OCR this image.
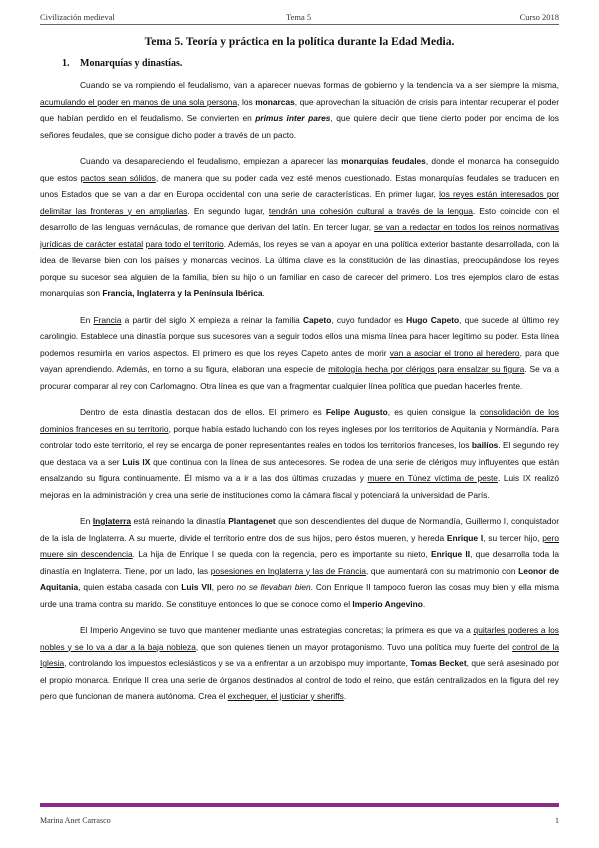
Civilización medieval	Tema 5	Curso 2018
Tema 5. Teoría y práctica en la política durante la Edad Media.
1. Monarquías y dinastías.

Cuando se va rompiendo el feudalismo, van a aparecer nuevas formas de gobierno y la tendencia va a ser siempre la misma, acumulando el poder en manos de una sola persona, los monarcas, que aprovechan la situación de crisis para intentar recuperar el poder que habían perdido en el feudalismo. Se convierten en primus inter pares, que quiere decir que tiene cierto poder por encima de los señores feudales, que se consigue dicho poder a través de un pacto.

Cuando va desapareciendo el feudalismo, empiezan a aparecer las monarquías feudales, donde el monarca ha conseguido que estos pactos sean sólidos, de manera que su poder cada vez esté menos cuestionado. Estas monarquías feudales se traducen en unos Estados que se van a dar en Europa occidental con una serie de características. En primer lugar, los reyes están interesados por delimitar las fronteras y en ampliarlas. En segundo lugar, tendrán una cohesión cultural a través de la lengua. Esto coincide con el desarrollo de las lenguas vernáculas, de romance que derivan del latín. En tercer lugar, se van a redactar en todos los reinos normativas jurídicas de carácter estatal para todo el territorio. Además, los reyes se van a apoyar en una política exterior bastante desarrollada, con la idea de llevarse bien con los países y monarcas vecinos. La última clave es la constitución de las dinastías, preocupándose los reyes porque su sucesor sea alguien de la familia, bien su hijo o un familiar en caso de carecer del primero. Los tres ejemplos claro de estas monarquías son Francia, Inglaterra y la Península Ibérica.

En Francia a partir del siglo X empieza a reinar la familia Capeto, cuyo fundador es Hugo Capeto, que sucede al último rey carolingio. Establece una dinastía porque sus sucesores van a seguir todos ellos una misma línea para hacer legítimo su poder. Esta línea podemos resumirla en varios aspectos. El primero es que los reyes Capeto antes de morir van a asociar el trono al heredero, para que vayan aprendiendo. Además, en torno a su figura, elaboran una especie de mitología hecha por clérigos para ensalzar su figura. Se va a procurar comparar al rey con Carlomagno. Otra línea es que van a fragmentar cualquier línea política que puedan hacerles frente.

Dentro de esta dinastía destacan dos de ellos. El primero es Felipe Augusto, es quien consigue la consolidación de los dominios franceses en su territorio, porque había estado luchando con los reyes ingleses por los territorios de Aquitania y Normandía. Para controlar todo este territorio, el rey se encarga de poner representantes reales en todos los territorios franceses, los bailíos. El segundo rey que destaca va a ser Luis IX que continua con la línea de sus antecesores. Se rodea de una serie de clérigos muy influyentes que están ensalzando su figura continuamente. Él mismo va a ir a las dos últimas cruzadas y muere en Túnez víctima de peste. Luis IX realizó mejoras en la administración y crea una serie de instituciones como la cámara fiscal y potenciará la universidad de París.

En Inglaterra está reinando la dinastía Plantagenet que son descendientes del duque de Normandía, Guillermo I, conquistador de la isla de Inglaterra. A su muerte, divide el territorio entre dos de sus hijos, pero éstos mueren, y hereda Enrique I, su tercer hijo, pero muere sin descendencia. La hija de Enrique I se queda con la regencia, pero es importante su nieto, Enrique II, que desarrolla toda la dinastía en Inglaterra. Tiene, por un lado, las posesiones en Inglaterra y las de Francia, que aumentará con su matrimonio con Leonor de Aquitania, quien estaba casada con Luis VII, pero no se llevaban bien. Con Enrique II tampoco fueron las cosas muy bien y ella misma urde una trama contra su marido. Se constituye entonces lo que se conoce como el Imperio Angevino.

El Imperio Angevino se tuvo que mantener mediante unas estrategias concretas; la primera es que va a quitarles poderes a los nobles y se lo va a dar a la baja nobleza, que son quienes tienen un mayor protagonismo. Tuvo una política muy fuerte del control de la Iglesia, controlando los impuestos eclesiásticos y se va a enfrentar a un arzobispo muy importante, Tomas Becket, que será asesinado por el propio monarca. Enrique II crea una serie de órganos destinados al control de todo el reino, que están centralizados en la figura del rey pero que funcionan de manera autónoma. Crea el exchequer, el justiciar y sheriffs.

Marina Anet Carrasco	1
